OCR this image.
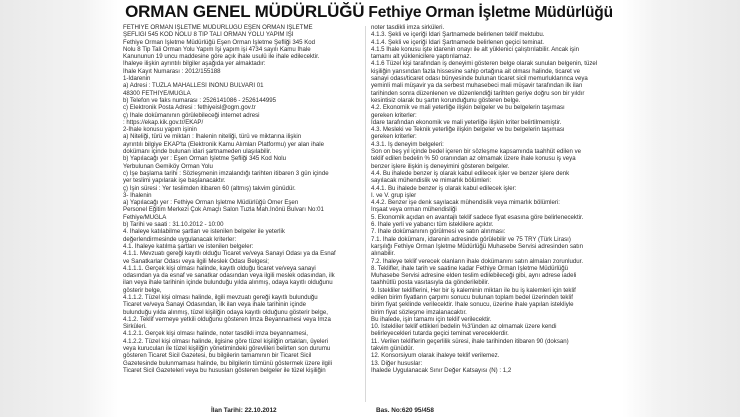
ORMAN GENEL MÜDÜRLÜĞÜ Fethiye Orman İşletme Müdürlüğü

FETHİYE ORMAN İŞLETME MÜDÜRLÜĞÜ EŞEN ORMAN İŞLETME

ŞEFLİĞİ 545 KOD NOLU 8 TIP TALİ ORMAN YOLU YAPIM İŞİ

Fethiye Orman İşletme Müdürlüğü Eşen Orman İşletme Şefliği 345 Kod

Nolu 8 Tip Tali Orman Yolu Yapım İşi yapım işi 4734 sayılı Kamu İhale

Kanununun 19 uncu maddesine göre açık ihale usulü ile ihale edilecektir.

İhaleye ilişkin ayrıntılı bilgiler aşağıda yer almaktadır:

İhale Kayıt Numarası : 2012/155188

1-İdarenin

a) Adresi : TUZLA MAHALLESİ İNÖNÜ BULVARI 01

48300 FETHİYE/MUĞLA

b) Telefon ve faks numarası : 2526141086 - 2526144995

c) Elektronik Posta Adresi : fethiyeisl@ogm.gov.tr

ç) İhale dokümanının görülebileceği internet adresi

: https://ekap.kik.gov.tr/EKAP/

2-İhale konusu yapım işinin

a) Niteliği, türü ve miktarı : İhalenin niteliği, türü ve miktarına ilişkin

ayrıntılı bilgiye EKAP'ta (Elektronik Kamu Alımları Platformu) yer alan ihale

dokümanı içinde bulunan idari şartnameden ulaşılabilir.

b) Yapılacağı yer : Eşen Orman İşletme Şefliği 345 Kod Nolu

Yerbulunan Gemiköy Orman Yolu

c) İşe başlama tarihi : Sözleşmenin imzalandığı tarihten itibaren 3 gün içinde

yer teslimi yapılarak işe başlanacaktır.

ç) İşin süresi : Yer teslimden itibaren 60 (altmış) takvim günüdür.

3- İhalenin

a) Yapılacağı yer : Fethiye Orman İşletme Müdürlüğü Ömer Eşen

Personel Eğitim Merkezi Çok Amaçlı Salon Tuzla Mah.İnönü Bulvarı No:01

Fethiye/MUĞLA

b) Tarihi ve saati : 31.10.2012 - 10:00

4. İhaleye katılabilme şartları ve istenilen belgeler ile yeterlik

değerlendirmesinde uygulanacak kriterler:

4.1. İhaleye katılma şartları ve istenilen belgeler:

4.1.1. Mevzuatı gereği kayıtlı olduğu Ticaret ve/veya Sanayi Odası ya da Esnaf

ve Sanatkarlar Odası veya ilgili Meslek Odası Belgesi;

4.1.1.1. Gerçek kişi olması halinde, kayıtlı olduğu ticaret ve/veya sanayi

odasından ya da esnaf ve sanatkar odasından veya ilgili meslek odasından, ilk

ilan veya ihale tarihinin içinde bulunduğu yılda alınmış, odaya kayıtlı olduğunu

gösterir belge,

4.1.1.2. Tüzel kişi olması halinde, ilgili mevzuatı gereği kayıtlı bulunduğu

Ticaret ve/veya Sanayi Odasından, ilk ilan veya ihale tarihinin içinde

bulunduğu yılda alınmış, tüzel kişiliğin odaya kayıtlı olduğunu gösterir belge,

4.1.2. Teklif vermeye yetkili olduğunu gösteren İmza Beyannamesi veya İmza

Sirküleri.

4.1.2.1. Gerçek kişi olması halinde, noter tasdikli imza beyannamesi,

4.1.2.2. Tüzel kişi olması halinde, ilgisine göre tüzel kişiliğin ortakları, üyeleri

veya kurucuları ile tüzel kişiliğin yönetimindeki görevlileri belirten son durumu

gösteren Ticaret Sicil Gazetesi, bu bilgilerin tamamının bir Ticaret Sicil

Gazetesinde bulunmaması halinde, bu bilgilerin tümünü göstermek üzere ilgili

Ticaret Sicil Gazeteleri veya bu hususları gösteren belgeler ile tüzel kişiliğin

noter tasdikli imza sirküleri.

4.1.3. Şekli ve içeriği İdari Şartnamede belirlenen teklif mektubu.

4.1.4. Şekli ve içeriği İdari Şartnamede belirlenen geçici teminat.

4.1.5 İhale konusu işte idarenin onayı ile alt yüklenici çalıştırılabilir. Ancak işin

tamamı alt yüklenicilere yaptırılamaz.

4.1.6 Tüzel kişi tarafından iş deneyimi gösteren belge olarak sunulan belgenin, tüzel

kişiliğin yarısından fazla hissesine sahip ortağına ait olması halinde, ticaret ve

sanayi odası/ticaret odası bünyesinde bulunan ticaret sicil memurluklarınca veya

yeminli mali müşavir ya da serbest muhasebeci mali müşavir tarafından ilk ilan

tarihinden sonra düzenlenen ve düzenlendiği tarihten geriye doğru son bir yıldır

kesintisiz olarak bu şartın korunduğunu gösteren belge.

4.2. Ekonomik ve mali yeterliğe ilişkin belgeler ve bu belgelerin taşıması

gereken kriterler:

İdare tarafından ekonomik ve mali yeterliğe ilişkin kriter belirtilmemiştir.

4.3. Mesleki ve Teknik yeterliğe ilişkin belgeler ve bu belgelerin taşıması

gereken kriterler:

4.3.1. İş deneyim belgeleri:

Son on beş yıl içinde bedel içeren bir sözleşme kapsamında taahhüt edilen ve

teklif edilen bedelin % 50 oranından az olmamak üzere ihale konusu iş veya

benzer işlere ilişkin iş deneyimini gösteren belgeler.

4.4. Bu ihalede benzer iş olarak kabul edilecek işler ve benzer işlere denk

sayılacak mühendislik ve mimarlık bölümleri:

4.4.1. Bu ihalede benzer iş olarak kabul edilecek işler:

I. ve V. grup işler

4.4.2. Benzer işe denk sayılacak mühendislik veya mimarlık bölümleri:

İnşaat veya orman mühendisliği

5. Ekonomik açıdan en avantajlı teklif sadece fiyat esasına göre belirlenecektir.

6. İhale yerli ve yabancı tüm isteklilere açıktır.

7. İhale dokümanının görülmesi ve satın alınması:

7.1. İhale dokümanı, idarenin adresinde görülebilir ve 75 TRY (Türk Lirası)

karşılığı Fethiye Orman İşletme Müdürlüğü Muhasebe Servisi adresinden satın

alınabilir.

7.2. İhaleye teklif verecek olanların ihale dokümanını satın almaları zorunludur.

8. Teklifler, ihale tarih ve saatine kadar Fethiye Orman İşletme Müdürlüğü

Muhasebe Servisi adresine elden teslim edilebileceği gibi, aynı adrese iadeli

taahhütlü posta vasıtasıyla da gönderilebilir.

9. İstekliler tekliflerini, Her bir iş kaleminin miktarı ile bu iş kalemleri için teklif

edilen birim fiyatların çarpımı sonucu bulunan toplam bedel üzerinden teklif

birim fiyat şeklinde verilecektir. İhale sonucu, üzerine ihale yapılan istekliyle

birim fiyat sözleşme imzalanacaktır.

Bu ihalede, işin tamamı için teklif verilecektir.

10. İstekliler teklif ettikleri bedelin %3'ünden az olmamak üzere kendi

belirleyecekleri tutarda geçici teminat vereceklerdir.

11. Verilen tekliflerin geçerlilik süresi, ihale tarihinden itibaren 90 (doksan)

takvim günüdür.

12. Konsorsiyum olarak ihaleye teklif verilemez.

13. Diğer hususlar:

İhalede Uygulanacak Sınır Değer Katsayısı (N) : 1,2

İlan Tarihi: 22.10.2012	Bas. No:620 95/458
